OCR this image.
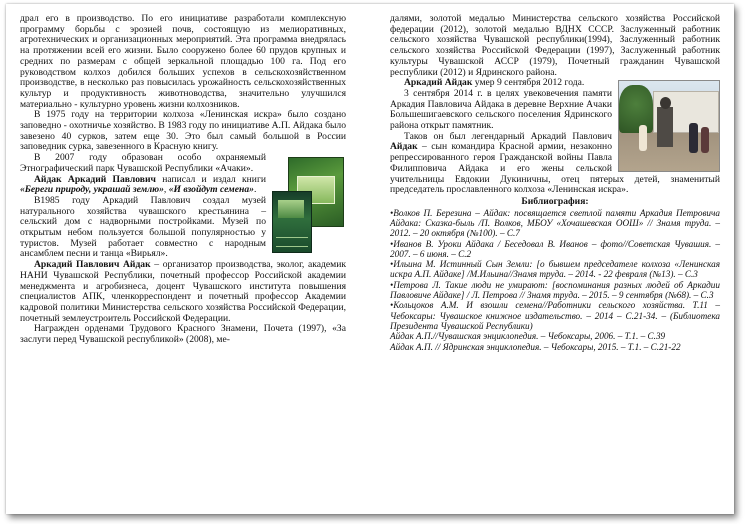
драл его в производство. По его инициативе разработали комплексную программу борьбы с эрозией почв, состоящую из мелиоративных, агротехнических и организационных мероприятий. Эта программа внедрялась на протяжении всей его жизни. Было сооружено более 60 прудов крупных и средних по размерам с общей зеркальной площадью 100 га. Под его руководством колхоз добился больших успехов в сельскохозяйственном производстве, в несколько раз повысилась урожайность сельскохозяйственных культур и продуктивность животноводства, значительно улучшился материально - культурно уровень жизни колхозников.

В 1975 году на территории колхоза «Ленинская искра» было создано заповедно - охотничье хозяйство. В 1983 году по инициативе А.П. Айдака было завезено 40 сурков, затем еще 30. Это был самый большой в России заповедник сурка, завезенного в Красную книгу.

В 2007 году образован особо охраняемый Этнографический парк Чувашской Республики «Ачаки».

Айдак Аркадий Павлович написал и издал книги «Береги природу, украшай землю», «И взойдут семена».

В1985 году Аркадий Павлович создал музей натурального хозяйства чувашского крестьянина – сельский дом с надворными постройками. Музей по открытым небом пользуется большой популярностью у туристов. Музей работает совместно с народным ансамблем песни и танца «Вирьял».

Аркадий Павлович Айдак – организатор производства, эколог, академик НАНИ Чувашской Республики, почетный профессор Российской академии менеджмента и агробизнеса, доцент Чувашского института повышения специалистов АПК, членкорреспондент и почетный профессор Академии кадровой политики Министерства сельского хозяйства Российской Федерации, почетный землеустроитель Российской Федерации.

Награжден орденами Трудового Красного Знамени, Почета (1997), «За заслуги перед Чувашской республикой» (2008), ме-

далями, золотой медалью Министерства сельского хозяйства Российской федерации (2012), золотой медалью ВДНХ СССР. Заслуженный работник сельского хозяйства Чувашской республики(1994), Заслуженный работник сельского хозяйства Российской Федерации (1997), Заслуженный работник культуры Чувашской АССР (1979), Почетный гражданин Чувашской республики (2012) и Ядринского района.

Аркадий Айдак умер 9 сентября 2012 года.

3 сентября 2014 г. в целях увековечения памяти Аркадия Павловича Айдака в деревне Верхние Ачаки Большешигаевского сельского поселения Ядринского района открыт памятник.

Таков он был легендарный Аркадий Павлович Айдак – сын командира Красной армии, незаконно репрессированного героя Гражданской войны Павла Филипповича Айдака и его жены сельской учительницы Евдокии Дукиничны, отец пятерых детей, знаменитый председатель прославленного колхоза «Ленинская искра».

Библиография:

•Волков П. Березина – Айдак: посвящается светлой памяти Аркадия Петровича Айдака: Сказка-быль /П. Волков, МБОУ «Хочашевская ООШ» // Знамя труда. – 2012. – 20 октября (№100). – С.7

•Иванов В. Уроки Айдака / Беседовал В. Иванов – фото//Советская Чувашия. – 2007. – 6 июня. – С.2

•Ильина М. Истинный Сын Земли: [о бывшем председателе колхоза «Ленинская искра А.П. Айдаке] /М.Ильина//Знамя труда. – 2014. - 22 февраля (№13). – С.3

•Петрова Л. Такие люди не умирают: [воспоминания разных людей об Аркадии Павловиче Айдаке] / Л. Петрова // Знамя труда. – 2015. – 9 сентября (№68). – С.3

•Кольцоков А.М. И взошли семена//Работники сельского хозяйства. Т.11 – Чебоксары: Чувашское книжное издательство. – 2014 – С.21-34. – (Библиотека Президента Чувашской Республики)

Айдак А.П.//Чувашская энциклопедия. – Чебоксары, 2006. – Т.1. – С.39

Айдак А.П. // Ядринская энциклопедия. – Чебоксары, 2015. – Т.1. – С.21-22
